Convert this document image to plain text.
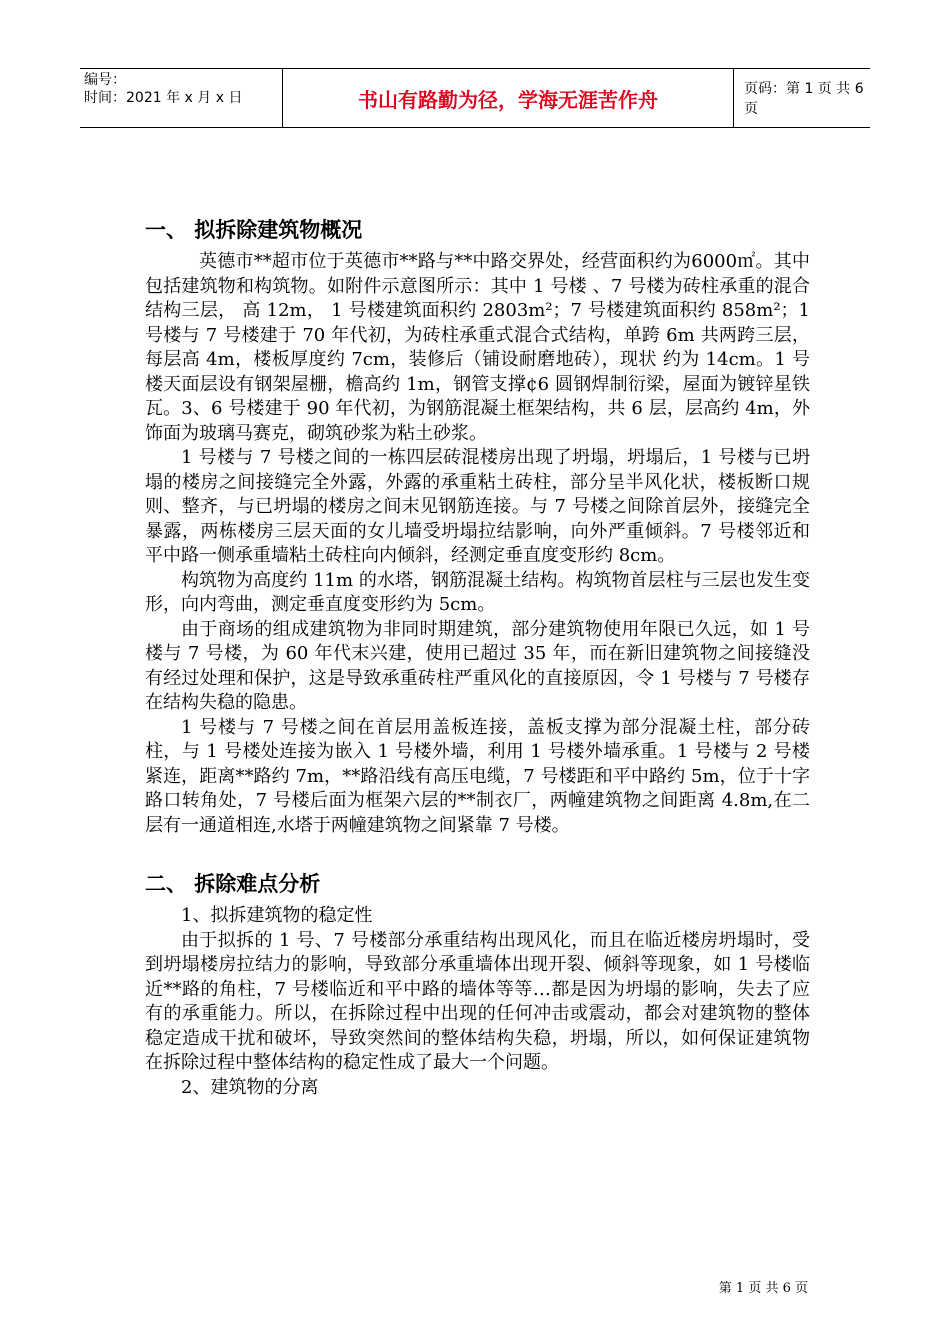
编号：
时间：2021 年 x 月 x 日	书山有路勤为径，学海无涯苦作舟	页码：第 1 页 共 6 页
一、 拟拆除建筑物概况

英德市**超市位于英德市**路与**中路交界处，经营面积约为6000㎡。其中包括建筑物和构筑物。如附件示意图所示：其中 1 号楼 、7 号楼为砖柱承重的混合结构三层， 高 12m， 1 号楼建筑面积约 2803m²；7 号楼建筑面积约 858m²；1 号楼与 7 号楼建于 70 年代初，为砖柱承重式混合式结构，单跨 6m 共两跨三层，每层高 4m，楼板厚度约 7cm，装修后（铺设耐磨地砖），现状 约为 14cm。1 号楼天面层设有钢架屋栅，檐高约 1m，钢管支撑¢6 圆钢焊制衍梁，屋面为镀锌星铁瓦。3、6 号楼建于 90 年代初，为钢筋混凝土框架结构，共 6 层，层高约 4m，外饰面为玻璃马赛克，砌筑砂浆为粘土砂浆。

1 号楼与 7 号楼之间的一栋四层砖混楼房出现了坍塌，坍塌后，1 号楼与已坍塌的楼房之间接缝完全外露，外露的承重粘土砖柱，部分呈半风化状，楼板断口规则、整齐，与已坍塌的楼房之间末见钢筋连接。与 7 号楼之间除首层外，接缝完全暴露，两栋楼房三层天面的女儿墙受坍塌拉结影响，向外严重倾斜。7 号楼邻近和平中路一侧承重墙粘土砖柱向内倾斜，经测定垂直度变形约 8cm。

构筑物为高度约 11m 的水塔，钢筋混凝土结构。构筑物首层柱与三层也发生变形，向内弯曲，测定垂直度变形约为 5cm。

由于商场的组成建筑物为非同时期建筑，部分建筑物使用年限已久远，如 1 号楼与 7 号楼，为 60 年代末兴建，使用已超过 35 年，而在新旧建筑物之间接缝没有经过处理和保护，这是导致承重砖柱严重风化的直接原因，令 1 号楼与 7 号楼存在结构失稳的隐患。

1 号楼与 7 号楼之间在首层用盖板连接，盖板支撑为部分混凝土柱，部分砖柱，与 1 号楼处连接为嵌入 1 号楼外墙，利用 1 号楼外墙承重。1 号楼与 2 号楼紧连，距离**路约 7m，**路沿线有高压电缆，7 号楼距和平中路约 5m，位于十字路口转角处，7 号楼后面为框架六层的**制衣厂，两幢建筑物之间距离 4.8m,在二层有一通道相连,水塔于两幢建筑物之间紧靠 7 号楼。

二、 拆除难点分析

1、拟拆建筑物的稳定性

由于拟拆的 1 号、7 号楼部分承重结构出现风化，而且在临近楼房坍塌时，受到坍塌楼房拉结力的影响，导致部分承重墙体出现开裂、倾斜等现象，如 1 号楼临近**路的角柱，7 号楼临近和平中路的墙体等等…都是因为坍塌的影响，失去了应有的承重能力。所以，在拆除过程中出现的任何冲击或震动，都会对建筑物的整体稳定造成干扰和破坏，导致突然间的整体结构失稳，坍塌，所以，如何保证建筑物在拆除过程中整体结构的稳定性成了最大一个问题。

2、建筑物的分离

第 1 页 共 6 页
